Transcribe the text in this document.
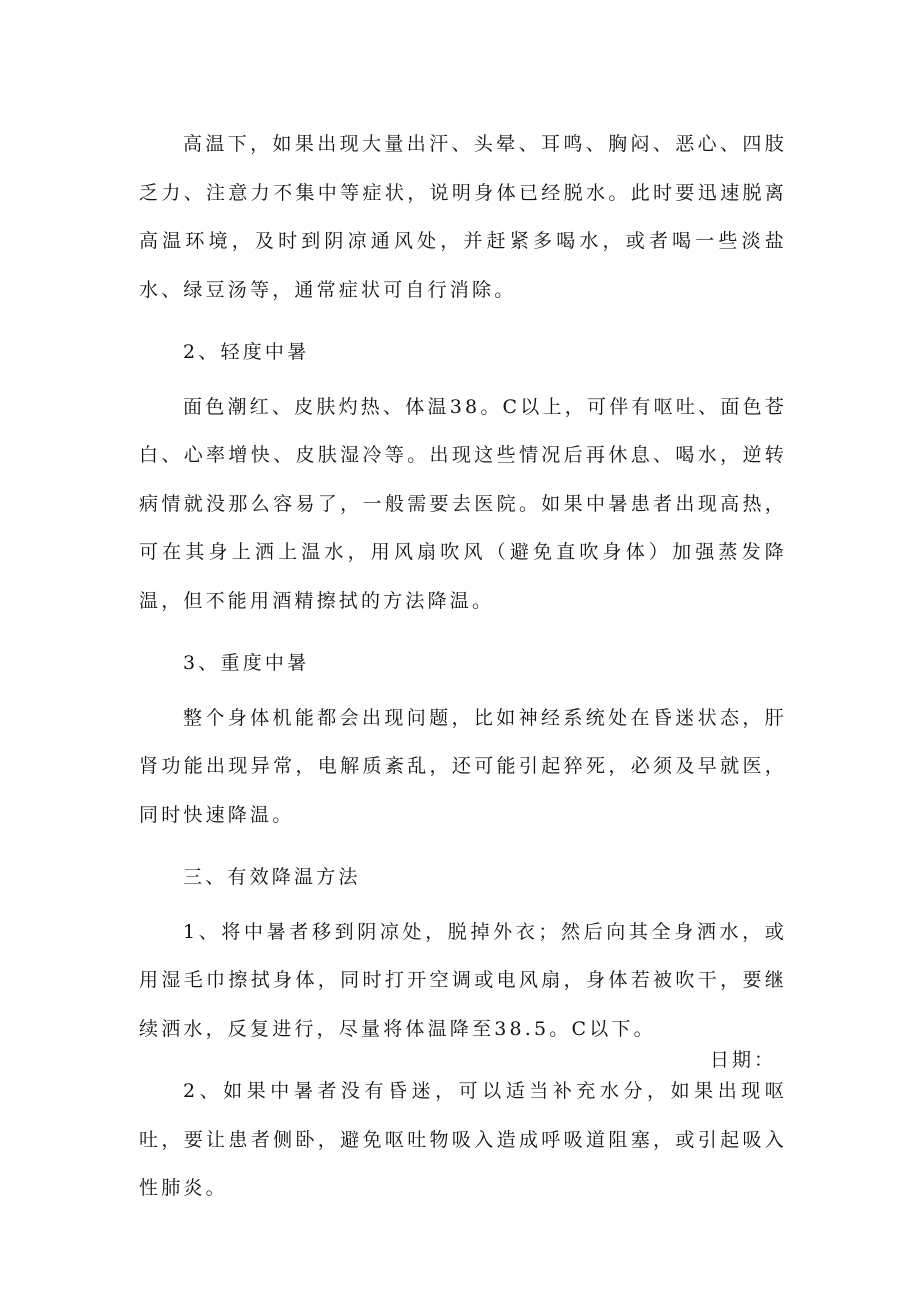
高温下，如果出现大量出汗、头晕、耳鸣、胸闷、恶心、四肢乏力、注意力不集中等症状，说明身体已经脱水。此时要迅速脱离高温环境，及时到阴凉通风处，并赶紧多喝水，或者喝一些淡盐水、绿豆汤等，通常症状可自行消除。

2、轻度中暑

面色潮红、皮肤灼热、体温38。C以上，可伴有呕吐、面色苍白、心率增快、皮肤湿冷等。出现这些情况后再休息、喝水，逆转病情就没那么容易了，一般需要去医院。如果中暑患者出现高热，可在其身上洒上温水，用风扇吹风（避免直吹身体）加强蒸发降温，但不能用酒精擦拭的方法降温。

3、重度中暑

整个身体机能都会出现问题，比如神经系统处在昏迷状态，肝肾功能出现异常，电解质紊乱，还可能引起猝死，必须及早就医，同时快速降温。

三、有效降温方法

1、将中暑者移到阴凉处，脱掉外衣；然后向其全身洒水，或用湿毛巾擦拭身体，同时打开空调或电风扇，身体若被吹干，要继续洒水，反复进行，尽量将体温降至38.5。C以下。

2、如果中暑者没有昏迷，可以适当补充水分，如果出现呕吐，要让患者侧卧，避免呕吐物吸入造成呼吸道阻塞，或引起吸入性肺炎。

日期：
